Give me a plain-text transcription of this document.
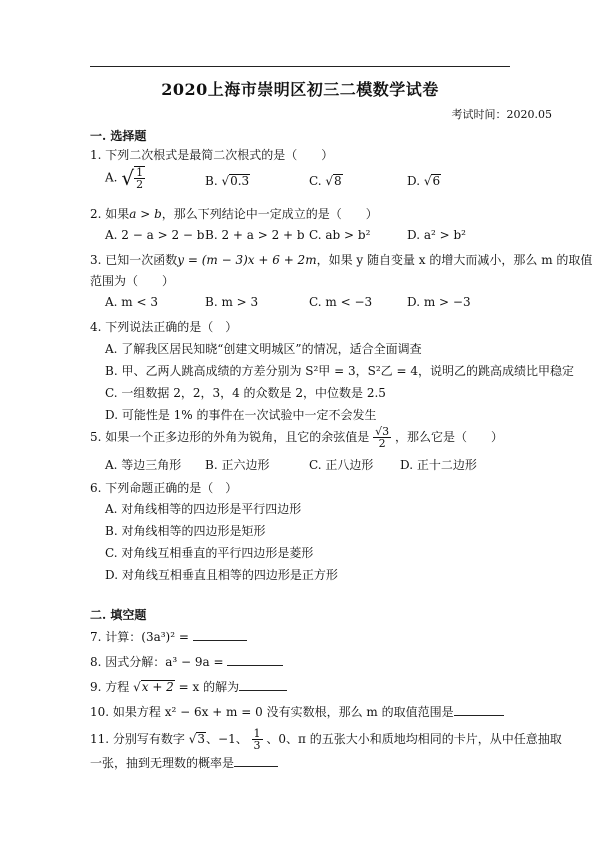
2020上海市崇明区初三二模数学试卷
考试时间：2020.05
一. 选择题
1. 下列二次根式是最简二次根式的是（　　）
A. √ $\frac{1}{2}$	B. √0.3	C. √8	D. √6
2. 如果a > b，那么下列结论中一定成立的是（　　）
A. 2 − a > 2 − b B. 2 + a > 2 + b C. ab > b²	D. a² > b²
3. 已知一次函数y = (m − 3)x + 6 + 2m，如果 y 随自变量 x 的增大而减小，那么 m 的取值
范围为（　　）
A. m < 3	B. m > 3	C. m < −3	D. m > −3
4. 下列说法正确的是（　）
A. 了解我区居民知晓“创建文明城区”的情况，适合全面调查
B. 甲、乙两人跳高成绩的方差分别为 S²甲 = 3，S²乙 = 4，说明乙的跳高成绩比甲稳定
C. 一组数据 2，2，3，4 的众数是 2，中位数是 2.5
D. 可能性是 1% 的事件在一次试验中一定不会发生
5. 如果一个正多边形的外角为锐角，且它的余弦值是 $\frac{√3}{2}$ ，那么它是（　　）
A. 等边三角形 B. 正六边形	C. 正八边形 D. 正十二边形
6. 下列命题正确的是（　）
A. 对角线相等的四边形是平行四边形
B. 对角线相等的四边形是矩形
C. 对角线互相垂直的平行四边形是菱形
D. 对角线互相垂直且相等的四边形是正方形
二. 填空题
7. 计算：(3a³)² =
8. 因式分解：a³ − 9a =
9. 方程 √x + 2 = x 的解为
10. 如果方程 x² − 6x + m = 0 没有实数根，那么 m 的取值范围是
11. 分别写有数字 √3、−1、 $\frac{1}{3}$ 、0、π 的五张大小和质地均相同的卡片，从中任意抽取
一张，抽到无理数的概率是
